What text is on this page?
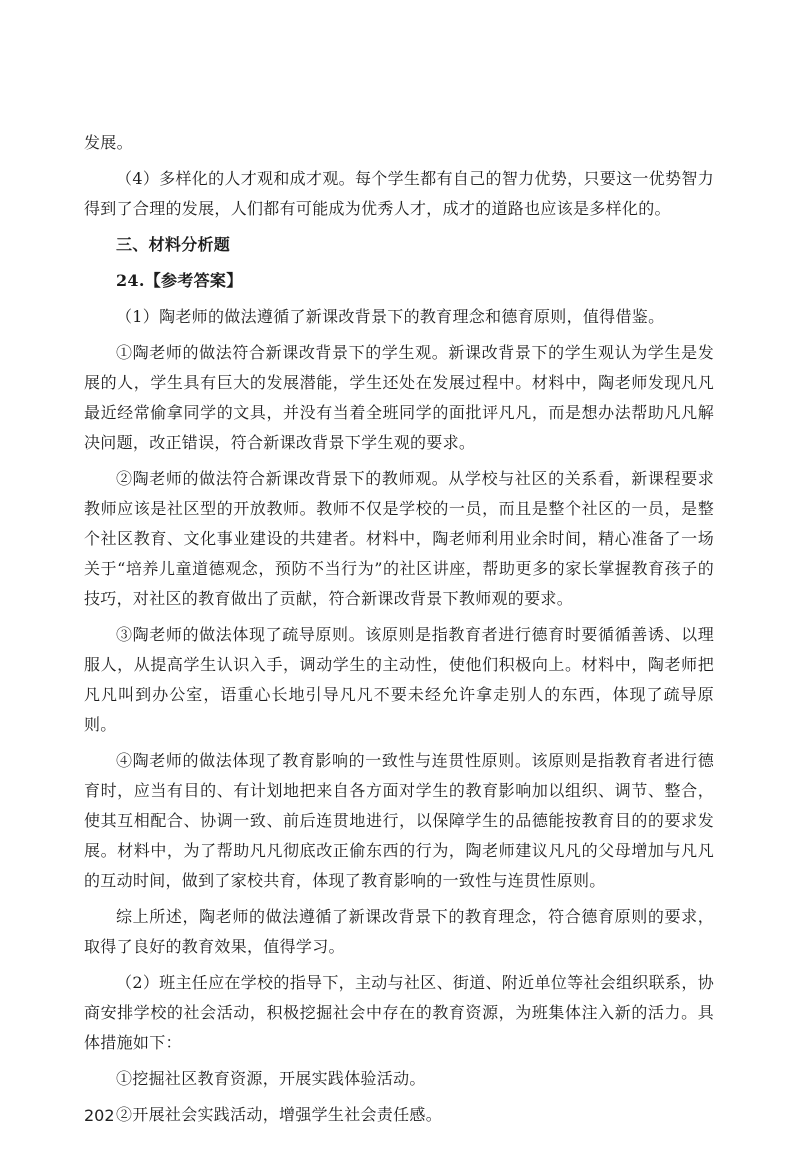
发展。

（4）多样化的人才观和成才观。每个学生都有自己的智力优势，只要这一优势智力得到了合理的发展，人们都有可能成为优秀人才，成才的道路也应该是多样化的。

三、材料分析题

24.【参考答案】

（1）陶老师的做法遵循了新课改背景下的教育理念和德育原则，值得借鉴。

①陶老师的做法符合新课改背景下的学生观。新课改背景下的学生观认为学生是发展的人，学生具有巨大的发展潜能，学生还处在发展过程中。材料中，陶老师发现凡凡最近经常偷拿同学的文具，并没有当着全班同学的面批评凡凡，而是想办法帮助凡凡解决问题，改正错误，符合新课改背景下学生观的要求。

②陶老师的做法符合新课改背景下的教师观。从学校与社区的关系看，新课程要求教师应该是社区型的开放教师。教师不仅是学校的一员，而且是整个社区的一员，是整个社区教育、文化事业建设的共建者。材料中，陶老师利用业余时间，精心准备了一场关于“培养儿童道德观念，预防不当行为”的社区讲座，帮助更多的家长掌握教育孩子的技巧，对社区的教育做出了贡献，符合新课改背景下教师观的要求。

③陶老师的做法体现了疏导原则。该原则是指教育者进行德育时要循循善诱、以理服人，从提高学生认识入手，调动学生的主动性，使他们积极向上。材料中，陶老师把凡凡叫到办公室，语重心长地引导凡凡不要未经允许拿走别人的东西，体现了疏导原则。

④陶老师的做法体现了教育影响的一致性与连贯性原则。该原则是指教育者进行德育时，应当有目的、有计划地把来自各方面对学生的教育影响加以组织、调节、整合，使其互相配合、协调一致、前后连贯地进行，以保障学生的品德能按教育目的的要求发展。材料中，为了帮助凡凡彻底改正偷东西的行为，陶老师建议凡凡的父母增加与凡凡的互动时间，做到了家校共育，体现了教育影响的一致性与连贯性原则。

综上所述，陶老师的做法遵循了新课改背景下的教育理念，符合德育原则的要求，取得了良好的教育效果，值得学习。

（2）班主任应在学校的指导下，主动与社区、街道、附近单位等社会组织联系，协商安排学校的社会活动，积极挖掘社会中存在的教育资源，为班集体注入新的活力。具体措施如下：

①挖掘社区教育资源，开展实践体验活动。

②开展社会实践活动，增强学生社会责任感。

202
